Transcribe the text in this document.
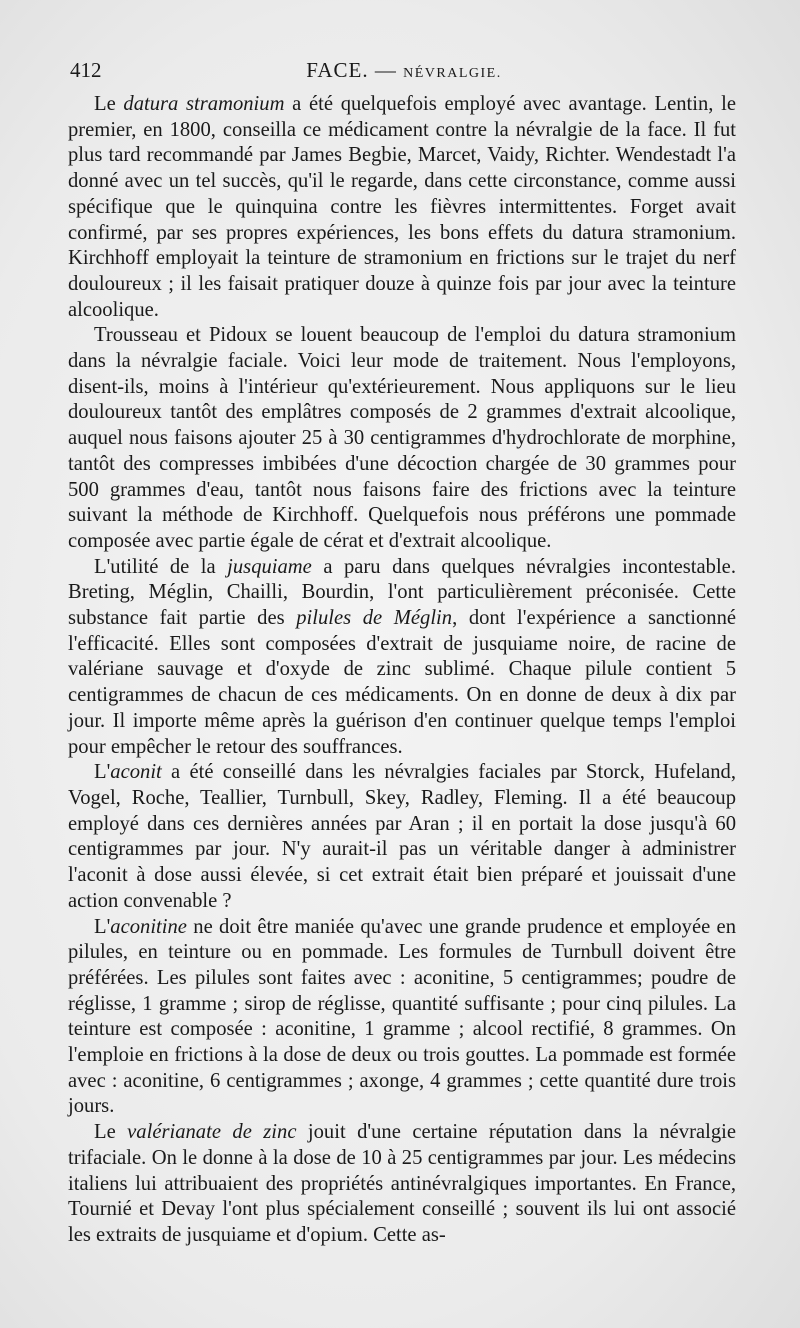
412	FACE. — NÉVRALGIE.

Le datura stramonium a été quelquefois employé avec avantage. Lentin, le premier, en 1800, conseilla ce médicament contre la névralgie de la face. Il fut plus tard recommandé par James Begbie, Marcet, Vaidy, Richter. Wendestadt l'a donné avec un tel succès, qu'il le regarde, dans cette circonstance, comme aussi spécifique que le quinquina contre les fièvres intermittentes. Forget avait confirmé, par ses propres expériences, les bons effets du datura stramonium. Kirchhoff employait la teinture de stramonium en frictions sur le trajet du nerf douloureux ; il les faisait pratiquer douze à quinze fois par jour avec la teinture alcoolique.

Trousseau et Pidoux se louent beaucoup de l'emploi du datura stramonium dans la névralgie faciale. Voici leur mode de traitement. Nous l'employons, disent-ils, moins à l'intérieur qu'extérieurement. Nous appliquons sur le lieu douloureux tantôt des emplâtres composés de 2 grammes d'extrait alcoolique, auquel nous faisons ajouter 25 à 30 centigrammes d'hydrochlorate de morphine, tantôt des compresses imbibées d'une décoction chargée de 30 grammes pour 500 grammes d'eau, tantôt nous faisons faire des frictions avec la teinture suivant la méthode de Kirchhoff. Quelquefois nous préférons une pommade composée avec partie égale de cérat et d'extrait alcoolique.

L'utilité de la jusquiame a paru dans quelques névralgies incontestable. Breting, Méglin, Chailli, Bourdin, l'ont particulièrement préconisée. Cette substance fait partie des pilules de Méglin, dont l'expérience a sanctionné l'efficacité. Elles sont composées d'extrait de jusquiame noire, de racine de valériane sauvage et d'oxyde de zinc sublimé. Chaque pilule contient 5 centigrammes de chacun de ces médicaments. On en donne de deux à dix par jour. Il importe même après la guérison d'en continuer quelque temps l'emploi pour empêcher le retour des souffrances.

L'aconit a été conseillé dans les névralgies faciales par Storck, Hufeland, Vogel, Roche, Teallier, Turnbull, Skey, Radley, Fleming. Il a été beaucoup employé dans ces dernières années par Aran ; il en portait la dose jusqu'à 60 centigrammes par jour. N'y aurait-il pas un véritable danger à administrer l'aconit à dose aussi élevée, si cet extrait était bien préparé et jouissait d'une action convenable ?

L'aconitine ne doit être maniée qu'avec une grande prudence et employée en pilules, en teinture ou en pommade. Les formules de Turnbull doivent être préférées. Les pilules sont faites avec : aconitine, 5 centigrammes; poudre de réglisse, 1 gramme ; sirop de réglisse, quantité suffisante ; pour cinq pilules. La teinture est composée : aconitine, 1 gramme ; alcool rectifié, 8 grammes. On l'emploie en frictions à la dose de deux ou trois gouttes. La pommade est formée avec : aconitine, 6 centigrammes ; axonge, 4 grammes ; cette quantité dure trois jours.

Le valérianate de zinc jouit d'une certaine réputation dans la névralgie trifaciale. On le donne à la dose de 10 à 25 centigrammes par jour. Les médecins italiens lui attribuaient des propriétés antinévralgiques importantes. En France, Tournié et Devay l'ont plus spécialement conseillé ; souvent ils lui ont associé les extraits de jusquiame et d'opium. Cette as-
